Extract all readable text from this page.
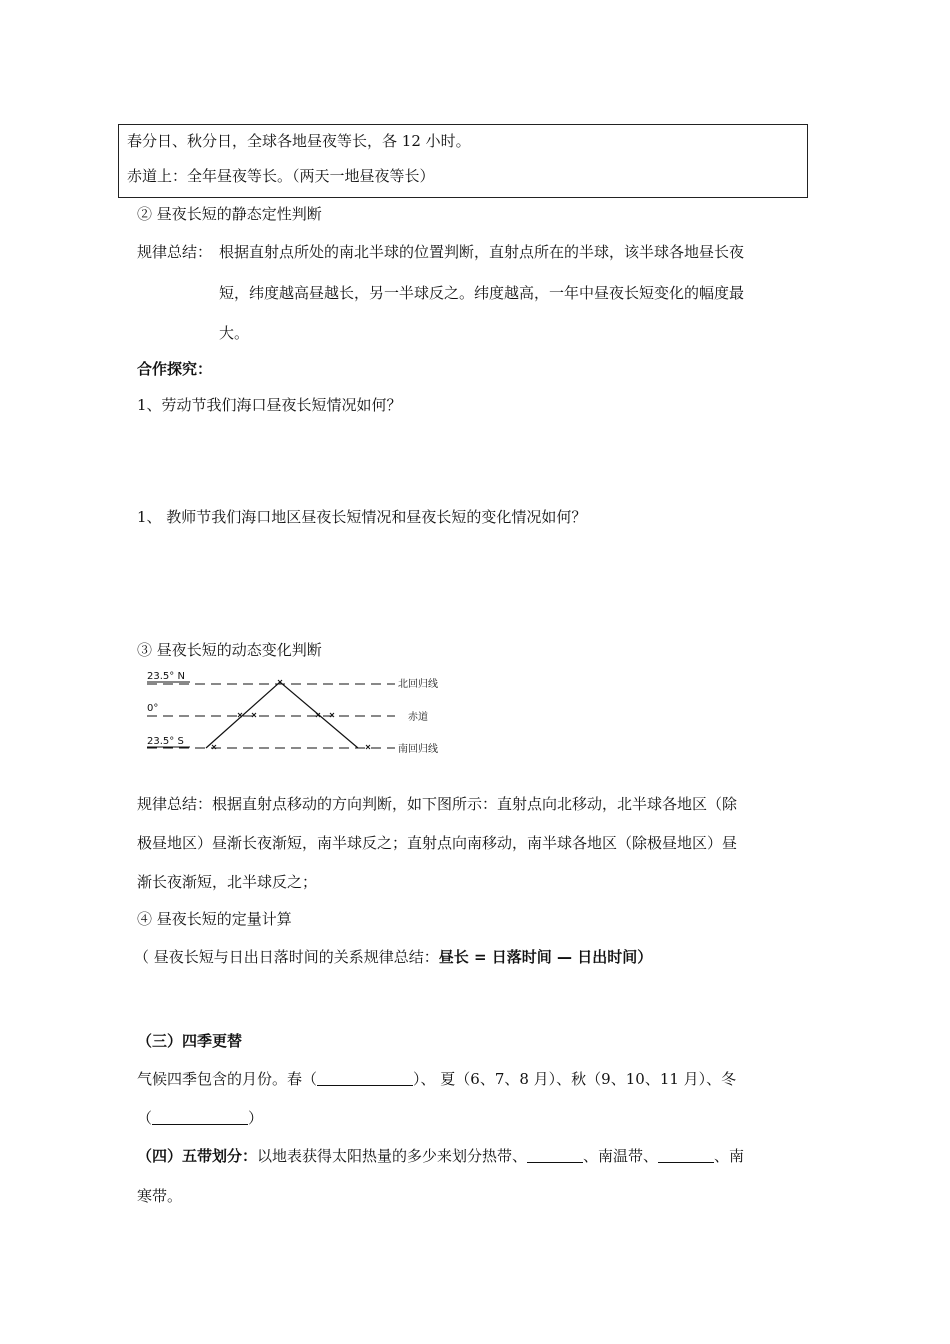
春分日、秋分日，全球各地昼夜等长，各 12 小时。
赤道上：全年昼夜等长。（两天一地昼夜等长）
② 昼夜长短的静态定性判断
规律总结： 根据直射点所处的南北半球的位置判断，直射点所在的半球，该半球各地昼长夜
短，纬度越高昼越长，另一半球反之。纬度越高，一年中昼夜长短变化的幅度最
大。
合作探究：
1、劳动节我们海口昼夜长短情况如何？
1、 教师节我们海口地区昼夜长短情况和昼夜长短的变化情况如何？
③ 昼夜长短的动态变化判断
23.5° N
0°
23.5° S
北回归线
赤道
南回归线
规律总结：根据直射点移动的方向判断，如下图所示：直射点向北移动，北半球各地区（除
极昼地区）昼渐长夜渐短，南半球反之；直射点向南移动，南半球各地区（除极昼地区）昼
渐长夜渐短，北半球反之；
④ 昼夜长短的定量计算
（ 昼夜长短与日出日落时间的关系规律总结：昼长 = 日落时间 — 日出时间）
（三）四季更替
气候四季包含的月份。春（	）、 夏（6、7、8 月）、秋（9、10、11 月）、冬
（	）
（四）五带划分：以地表获得太阳热量的多少来划分热带、	、南温带、	、南
寒带。
